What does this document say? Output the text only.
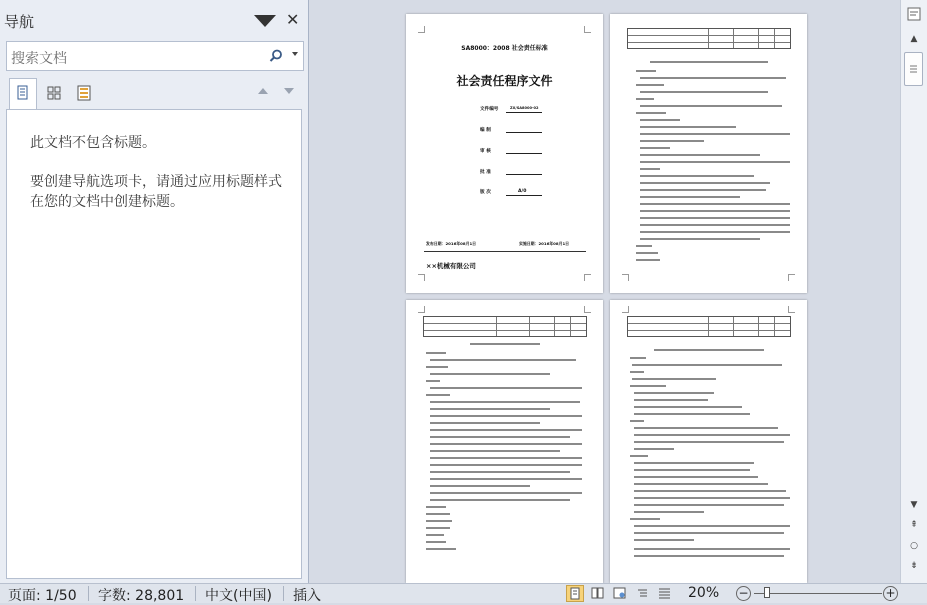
导航	✕
搜索文档
此文档不包含标题。
要创建导航选项卡，请通过应用标题样式在您的文档中创建标题。
SA8000：2008 社会责任标准
社会责任程序文件
文件编号	ZX/SA8000-02
编 制
审 核
批 准
版 次	A/0
发布日期：2016年08月1日	实施日期：2016年08月1日
××机械有限公司
▲
▼
⇞
○
⇟
页面: 1/50 字数: 28,801 中文(中国) 插入	20% −	+
